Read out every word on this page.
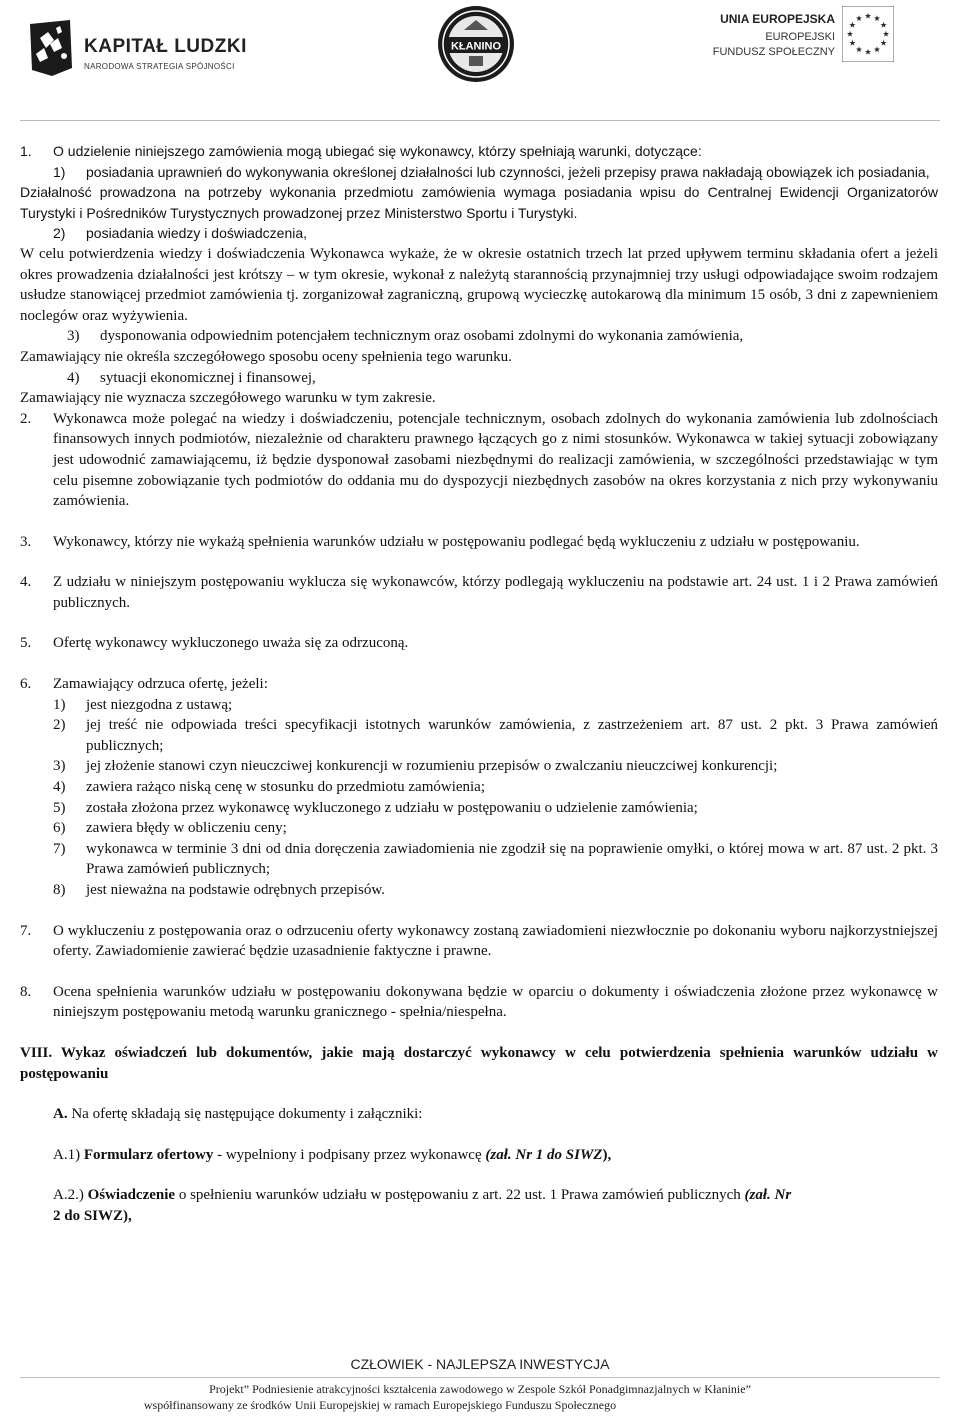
KAPITAŁ LUDZKI
NARODOWA STRATEGIA SPÓJNOŚCI
KŁANINO
UNIA EUROPEJSKA
EUROPEJSKI
FUNDUSZ SPOŁECZNY
1.	O udzielenie niniejszego zamówienia mogą ubiegać się wykonawcy, którzy spełniają warunki, dotyczące:
1)	posiadania uprawnień do wykonywania określonej działalności lub czynności, jeżeli przepisy prawa nakładają obowiązek ich posiadania,

Działalność prowadzona na potrzeby wykonania przedmiotu zamówienia wymaga posiadania wpisu do Centralnej Ewidencji Organizatorów Turystyki i Pośredników Turystycznych prowadzonej przez Ministerstwo Sportu i Turystyki.

2)	posiadania wiedzy i doświadczenia,

W celu potwierdzenia wiedzy i doświadczenia Wykonawca wykaże, że w okresie ostatnich trzech lat przed upływem terminu składania ofert a jeżeli okres prowadzenia działalności jest krótszy – w tym okresie, wykonał z należytą starannością przynajmniej trzy usługi odpowiadające swoim rodzajem usłudze stanowiącej przedmiot zamówienia tj. zorganizował zagraniczną, grupową wycieczkę autokarową dla minimum 15 osób, 3 dni z zapewnieniem noclegów oraz wyżywienia.

3)	dysponowania odpowiednim potencjałem technicznym oraz osobami zdolnymi do wykonania zamówienia,

Zamawiający nie określa szczegółowego sposobu oceny spełnienia tego warunku.

4)	sytuacji ekonomicznej i finansowej,

Zamawiający nie wyznacza szczegółowego warunku w tym zakresie.

2.	Wykonawca może polegać na wiedzy i doświadczeniu, potencjale technicznym, osobach zdolnych do wykonania zamówienia lub zdolnościach finansowych innych podmiotów, niezależnie od charakteru prawnego łączących go z nimi stosunków. Wykonawca w takiej sytuacji zobowiązany jest udowodnić zamawiającemu, iż będzie dysponował zasobami niezbędnymi do realizacji zamówienia, w szczególności przedstawiając w tym celu pisemne zobowiązanie tych podmiotów do oddania mu do dyspozycji niezbędnych zasobów na okres korzystania z nich przy wykonywaniu zamówienia.
3.	Wykonawcy, którzy nie wykażą spełnienia warunków udziału w postępowaniu podlegać będą wykluczeniu z udziału w postępowaniu.
4.	Z udziału w niniejszym postępowaniu wyklucza się wykonawców, którzy podlegają wykluczeniu na podstawie art. 24 ust. 1 i 2 Prawa zamówień publicznych.
5.	Ofertę wykonawcy wykluczonego uważa się za odrzuconą.
6.	Zamawiający odrzuca ofertę, jeżeli:
1)	jest niezgodna z ustawą;
2)	jej treść nie odpowiada treści specyfikacji istotnych warunków zamówienia, z zastrzeżeniem art. 87 ust. 2 pkt. 3 Prawa zamówień publicznych;
3)	jej złożenie stanowi czyn nieuczciwej konkurencji w rozumieniu przepisów o zwalczaniu nieuczciwej konkurencji;
4)	zawiera rażąco niską cenę w stosunku do przedmiotu zamówienia;
5)	została złożona przez wykonawcę wykluczonego z udziału w postępowaniu o udzielenie zamówienia;
6)	zawiera błędy w obliczeniu ceny;
7)	wykonawca w terminie 3 dni od dnia doręczenia zawiadomienia nie zgodził się na poprawienie omyłki, o której mowa w art. 87 ust. 2 pkt. 3 Prawa zamówień publicznych;
8)	jest nieważna na podstawie odrębnych przepisów.
7.	O wykluczeniu z postępowania oraz o odrzuceniu oferty wykonawcy zostaną zawiadomieni niezwłocznie po dokonaniu wyboru najkorzystniejszej oferty. Zawiadomienie zawierać będzie uzasadnienie faktyczne i prawne.
8.	Ocena spełnienia warunków udziału w postępowaniu dokonywana będzie w oparciu o dokumenty i oświadczenia złożone przez wykonawcę w niniejszym postępowaniu metodą warunku granicznego - spełnia/niespełna.

VIII. Wykaz oświadczeń lub dokumentów, jakie mają dostarczyć wykonawcy w celu potwierdzenia spełnienia warunków udziału w postępowaniu

A. Na ofertę składają się następujące dokumenty i załączniki:

A.1) Formularz ofertowy - wypelniony i podpisany przez wykonawcę (zał. Nr 1 do SIWZ),

A.2.) Oświadczenie o spełnieniu warunków udziału w postępowaniu z art. 22 ust. 1 Prawa zamówień publicznych (zał. Nr
2 do SIWZ),

CZŁOWIEK - NAJLEPSZA INWESTYCJA
Projekt” Podniesienie atrakcyjności kształcenia zawodowego w Zespole Szkół Ponadgimnazjalnych w Kłaninie”
współfinansowany ze środków Unii Europejskiej w ramach Europejskiego Funduszu Społecznego
